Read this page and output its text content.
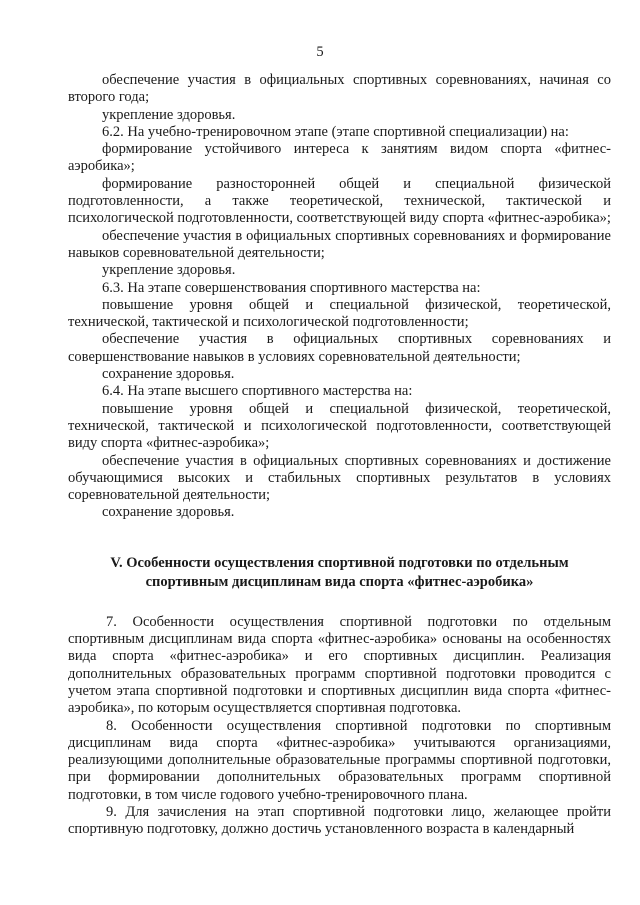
5

обеспечение участия в официальных спортивных соревнованиях, начиная со второго года;

укрепление здоровья.

6.2. На учебно-тренировочном этапе (этапе спортивной специализации) на:

формирование устойчивого интереса к занятиям видом спорта «фитнес-аэробика»;

формирование разносторонней общей и специальной физической подготовленности, а также теоретической, технической, тактической и психологической подготовленности, соответствующей виду спорта «фитнес-аэробика»;

обеспечение участия в официальных спортивных соревнованиях и формирование навыков соревновательной деятельности;

укрепление здоровья.

6.3. На этапе совершенствования спортивного мастерства на:

повышение уровня общей и специальной физической, теоретической, технической, тактической и психологической подготовленности;

обеспечение участия в официальных спортивных соревнованиях и совершенствование навыков в условиях соревновательной деятельности;

сохранение здоровья.

6.4. На этапе высшего спортивного мастерства на:

повышение уровня общей и специальной физической, теоретической, технической, тактической и психологической подготовленности, соответствующей виду спорта «фитнес-аэробика»;

обеспечение участия в официальных спортивных соревнованиях и достижение обучающимися высоких и стабильных спортивных результатов в условиях соревновательной деятельности;

сохранение здоровья.

V. Особенности осуществления спортивной подготовки по отдельным спортивным дисциплинам вида спорта «фитнес-аэробика»

7. Особенности осуществления спортивной подготовки по отдельным спортивным дисциплинам вида спорта «фитнес-аэробика» основаны на особенностях вида спорта «фитнес-аэробика» и его спортивных дисциплин. Реализация дополнительных образовательных программ спортивной подготовки проводится с учетом этапа спортивной подготовки и спортивных дисциплин вида спорта «фитнес-аэробика», по которым осуществляется спортивная подготовка.

8. Особенности осуществления спортивной подготовки по спортивным дисциплинам вида спорта «фитнес-аэробика» учитываются организациями, реализующими дополнительные образовательные программы спортивной подготовки, при формировании дополнительных образовательных программ спортивной подготовки, в том числе годового учебно-тренировочного плана.

9. Для зачисления на этап спортивной подготовки лицо, желающее пройти спортивную подготовку, должно достичь установленного возраста в календарный
